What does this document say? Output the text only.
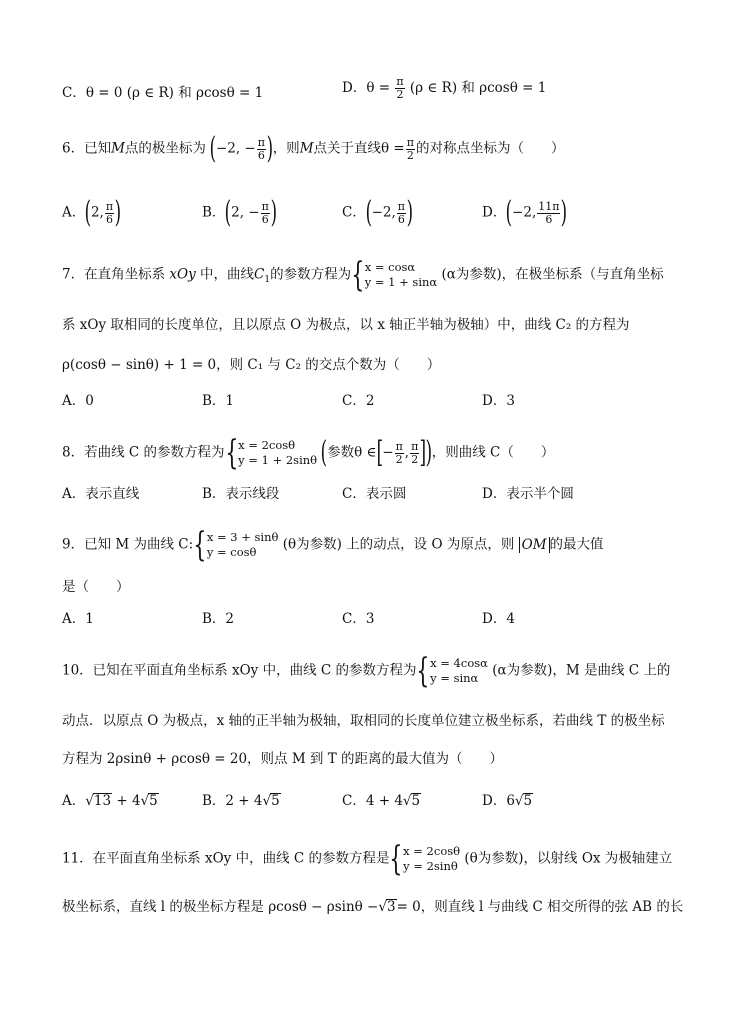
C．θ = 0 (ρ ∈ R) 和 ρcosθ = 1	D．$\theta = \frac{\pi}{2} (\rho$ ∈ R) 和 ρcosθ = 1
6．已知M点的极坐标为 (−2, − $\frac{\pi}{6}$ )，则M点关于直线$\theta = \frac{\pi}{2}$ 的对称点坐标为（　　）
A．(2, $\frac{\pi}{6}$ )	B．(2, − $\frac{\pi}{6}$ )	C．(−2, $\frac{\pi}{6}$ )	D．(−2, $\frac{11\pi}{6}$ )
7．在直角坐标系 xOy 中，曲线$C_1$的参数方程为{ x = cosα
y = 1 + sinα (α为参数)，在极坐标系（与直角坐标
系 xOy 取相同的长度单位，且以原点 O 为极点，以 x 轴正半轴为极轴）中，曲线 C₂ 的方程为
ρ(cosθ − sinθ) + 1 = 0，则 C₁ 与 C₂ 的交点个数为（　　）
A．0	B．1	C．2	D．3
8．若曲线 C 的参数方程为{ x = 2cosθ
y = 1 + 2sinθ (参数θ ∈[− $\frac{\pi}{2}$ , $\frac{\pi}{2}$ ])，则曲线 C（　　）
A．表示直线	B．表示线段	C．表示圆	D．表示半个圆
9．已知 M 为曲线 C:{ x = 3 + sinθ
y = cosθ	(θ为参数) 上的动点，设 O 为原点，则 OM 的最大值
是（　　）
A．1	B．2	C．3	D．4
10．已知在平面直角坐标系 xOy 中，曲线 C 的参数方程为{ x = 4cosα
y = sinα	(α为参数)，M 是曲线 C 上的
动点．以原点 O 为极点，x 轴的正半轴为极轴，取相同的长度单位建立极坐标系，若曲线 T 的极坐标
方程为 2ρsinθ + ρcosθ = 20，则点 M 到 T 的距离的最大值为（　　）
A．√13 + 4√5	B．2 + 4√5	C．4 + 4√5	D．6√5
11．在平面直角坐标系 xOy 中，曲线 C 的参数方程是{ x = 2cosθ
y = 2sinθ (θ为参数)，以射线 Ox 为极轴建立
极坐标系，直线 l 的极坐标方程是 ρcosθ − ρsinθ −√3= 0，则直线 l 与曲线 C 相交所得的弦 AB 的长
